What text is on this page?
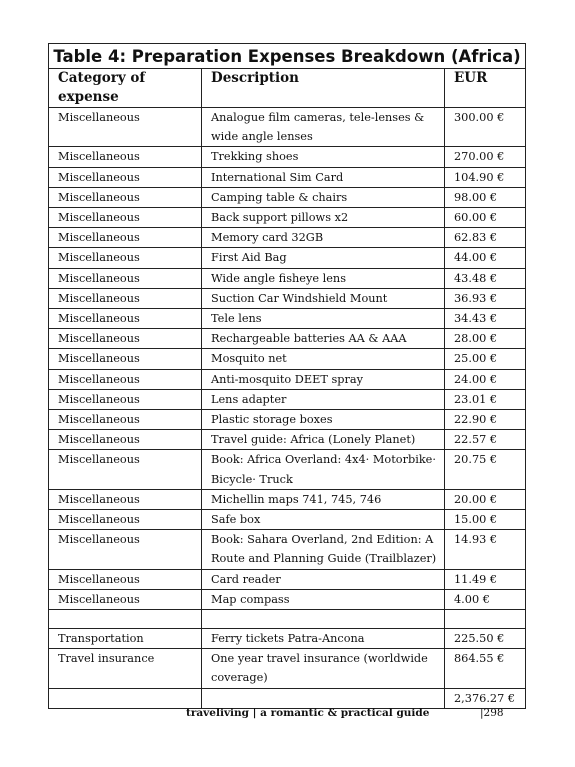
Table 4: Preparation Expenses Breakdown (Africa)		
Category of expense	Description	EUR
Miscellaneous	Analogue film cameras, tele-lenses & wide angle lenses	300.00 €
Miscellaneous	Trekking shoes	270.00 €
Miscellaneous	International Sim Card	104.90 €
Miscellaneous	Camping table & chairs	98.00 €
Miscellaneous	Back support pillows x2	60.00 €
Miscellaneous	Memory card 32GB	62.83 €
Miscellaneous	First Aid Bag	44.00 €
Miscellaneous	Wide angle fisheye lens	43.48 €
Miscellaneous	Suction Car Windshield Mount	36.93 €
Miscellaneous	Tele lens	34.43 €
Miscellaneous	Rechargeable batteries AA & AAA	28.00 €
Miscellaneous	Mosquito net	25.00 €
Miscellaneous	Anti-mosquito DEET spray	24.00 €
Miscellaneous	Lens adapter	23.01 €
Miscellaneous	Plastic storage boxes	22.90 €
Miscellaneous	Travel guide: Africa (Lonely Planet)	22.57 €
Miscellaneous	Book: Africa Overland: 4x4· Motorbike· Bicycle· Truck	20.75 €
Miscellaneous	Michellin maps 741, 745, 746	20.00 €
Miscellaneous	Safe box	15.00 €
Miscellaneous	Book: Sahara Overland, 2nd Edition: A Route and Planning Guide (Trailblazer)	14.93 €
Miscellaneous	Card reader	11.49 €
Miscellaneous	Map compass	4.00 €

Transportation	Ferry tickets Patra-Ancona	225.50 €
Travel insurance	One year travel insurance (worldwide coverage)	864.55 €
		2,376.27 €
traveliving | a romantic & practical guide	|298
